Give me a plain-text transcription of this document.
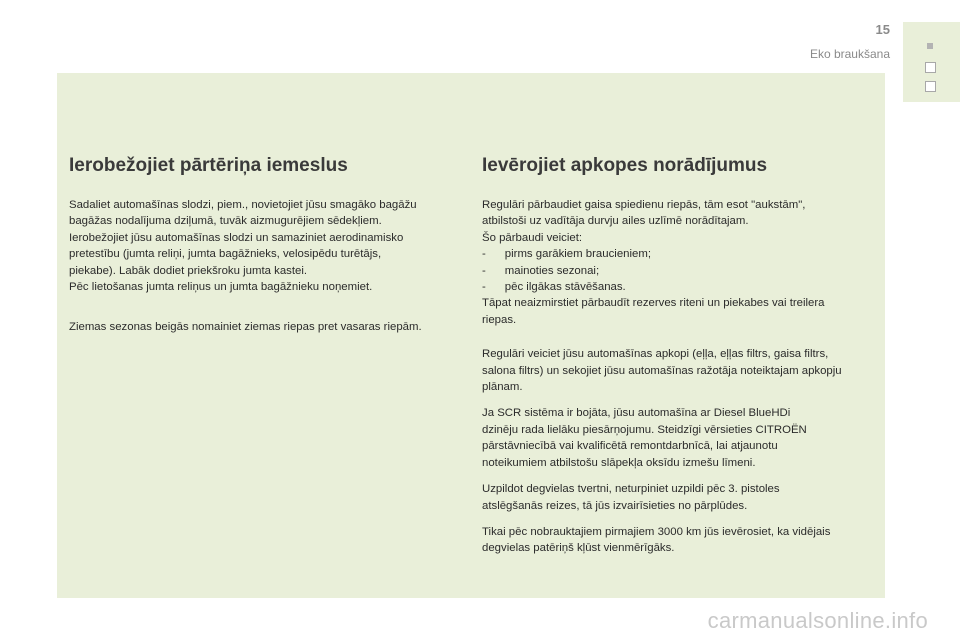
15
Eko braukšana
Ierobežojiet pārtēriņa iemeslus

Sadaliet automašīnas slodzi, piem., novietojiet jūsu smagāko bagāžu
bagāžas nodalījuma dziļumā, tuvāk aizmugurējiem sēdekļiem.
Ierobežojiet jūsu automašīnas slodzi un samaziniet aerodinamisko
pretestību (jumta reliņi, jumta bagāžnieks, velosipēdu turētājs,
piekabe). Labāk dodiet priekšroku jumta kastei.
Pēc lietošanas jumta reliņus un jumta bagāžnieku noņemiet.

Ziemas sezonas beigās nomainiet ziemas riepas pret vasaras riepām.

Ievērojiet apkopes norādījumus

Regulāri pārbaudiet gaisa spiedienu riepās, tām esot "aukstām",
atbilstoši uz vadītāja durvju ailes uzlīmē norādītajam.
Šo pārbaudi veiciet:
-      pirms garākiem braucieniem;
-      mainoties sezonai;
-      pēc ilgākas stāvēšanas.
Tāpat neaizmirstiet pārbaudīt rezerves riteni un piekabes vai treilera
riepas.

Regulāri veiciet jūsu automašīnas apkopi (eļļa, eļļas filtrs, gaisa filtrs,
salona filtrs) un sekojiet jūsu automašīnas ražotāja noteiktajam apkopju
plānam.

Ja SCR sistēma ir bojāta, jūsu automašīna ar Diesel BlueHDi
dzinēju rada lielāku piesārņojumu. Steidzīgi vērsieties CITROËN
pārstāvniecībā vai kvalificētā remontdarbnīcā, lai atjaunotu
noteikumiem atbilstošu slāpekļa oksīdu izmešu līmeni.

Uzpildot degvielas tvertni, neturpiniet uzpildi pēc 3. pistoles
atslēgšanās reizes, tā jūs izvairīsieties no pārplūdes.

Tikai pēc nobrauktajiem pirmajiem 3000 km jūs ievērosiet, ka vidējais
degvielas patēriņš kļūst vienmērīgāks.

carmanualsonline.info
